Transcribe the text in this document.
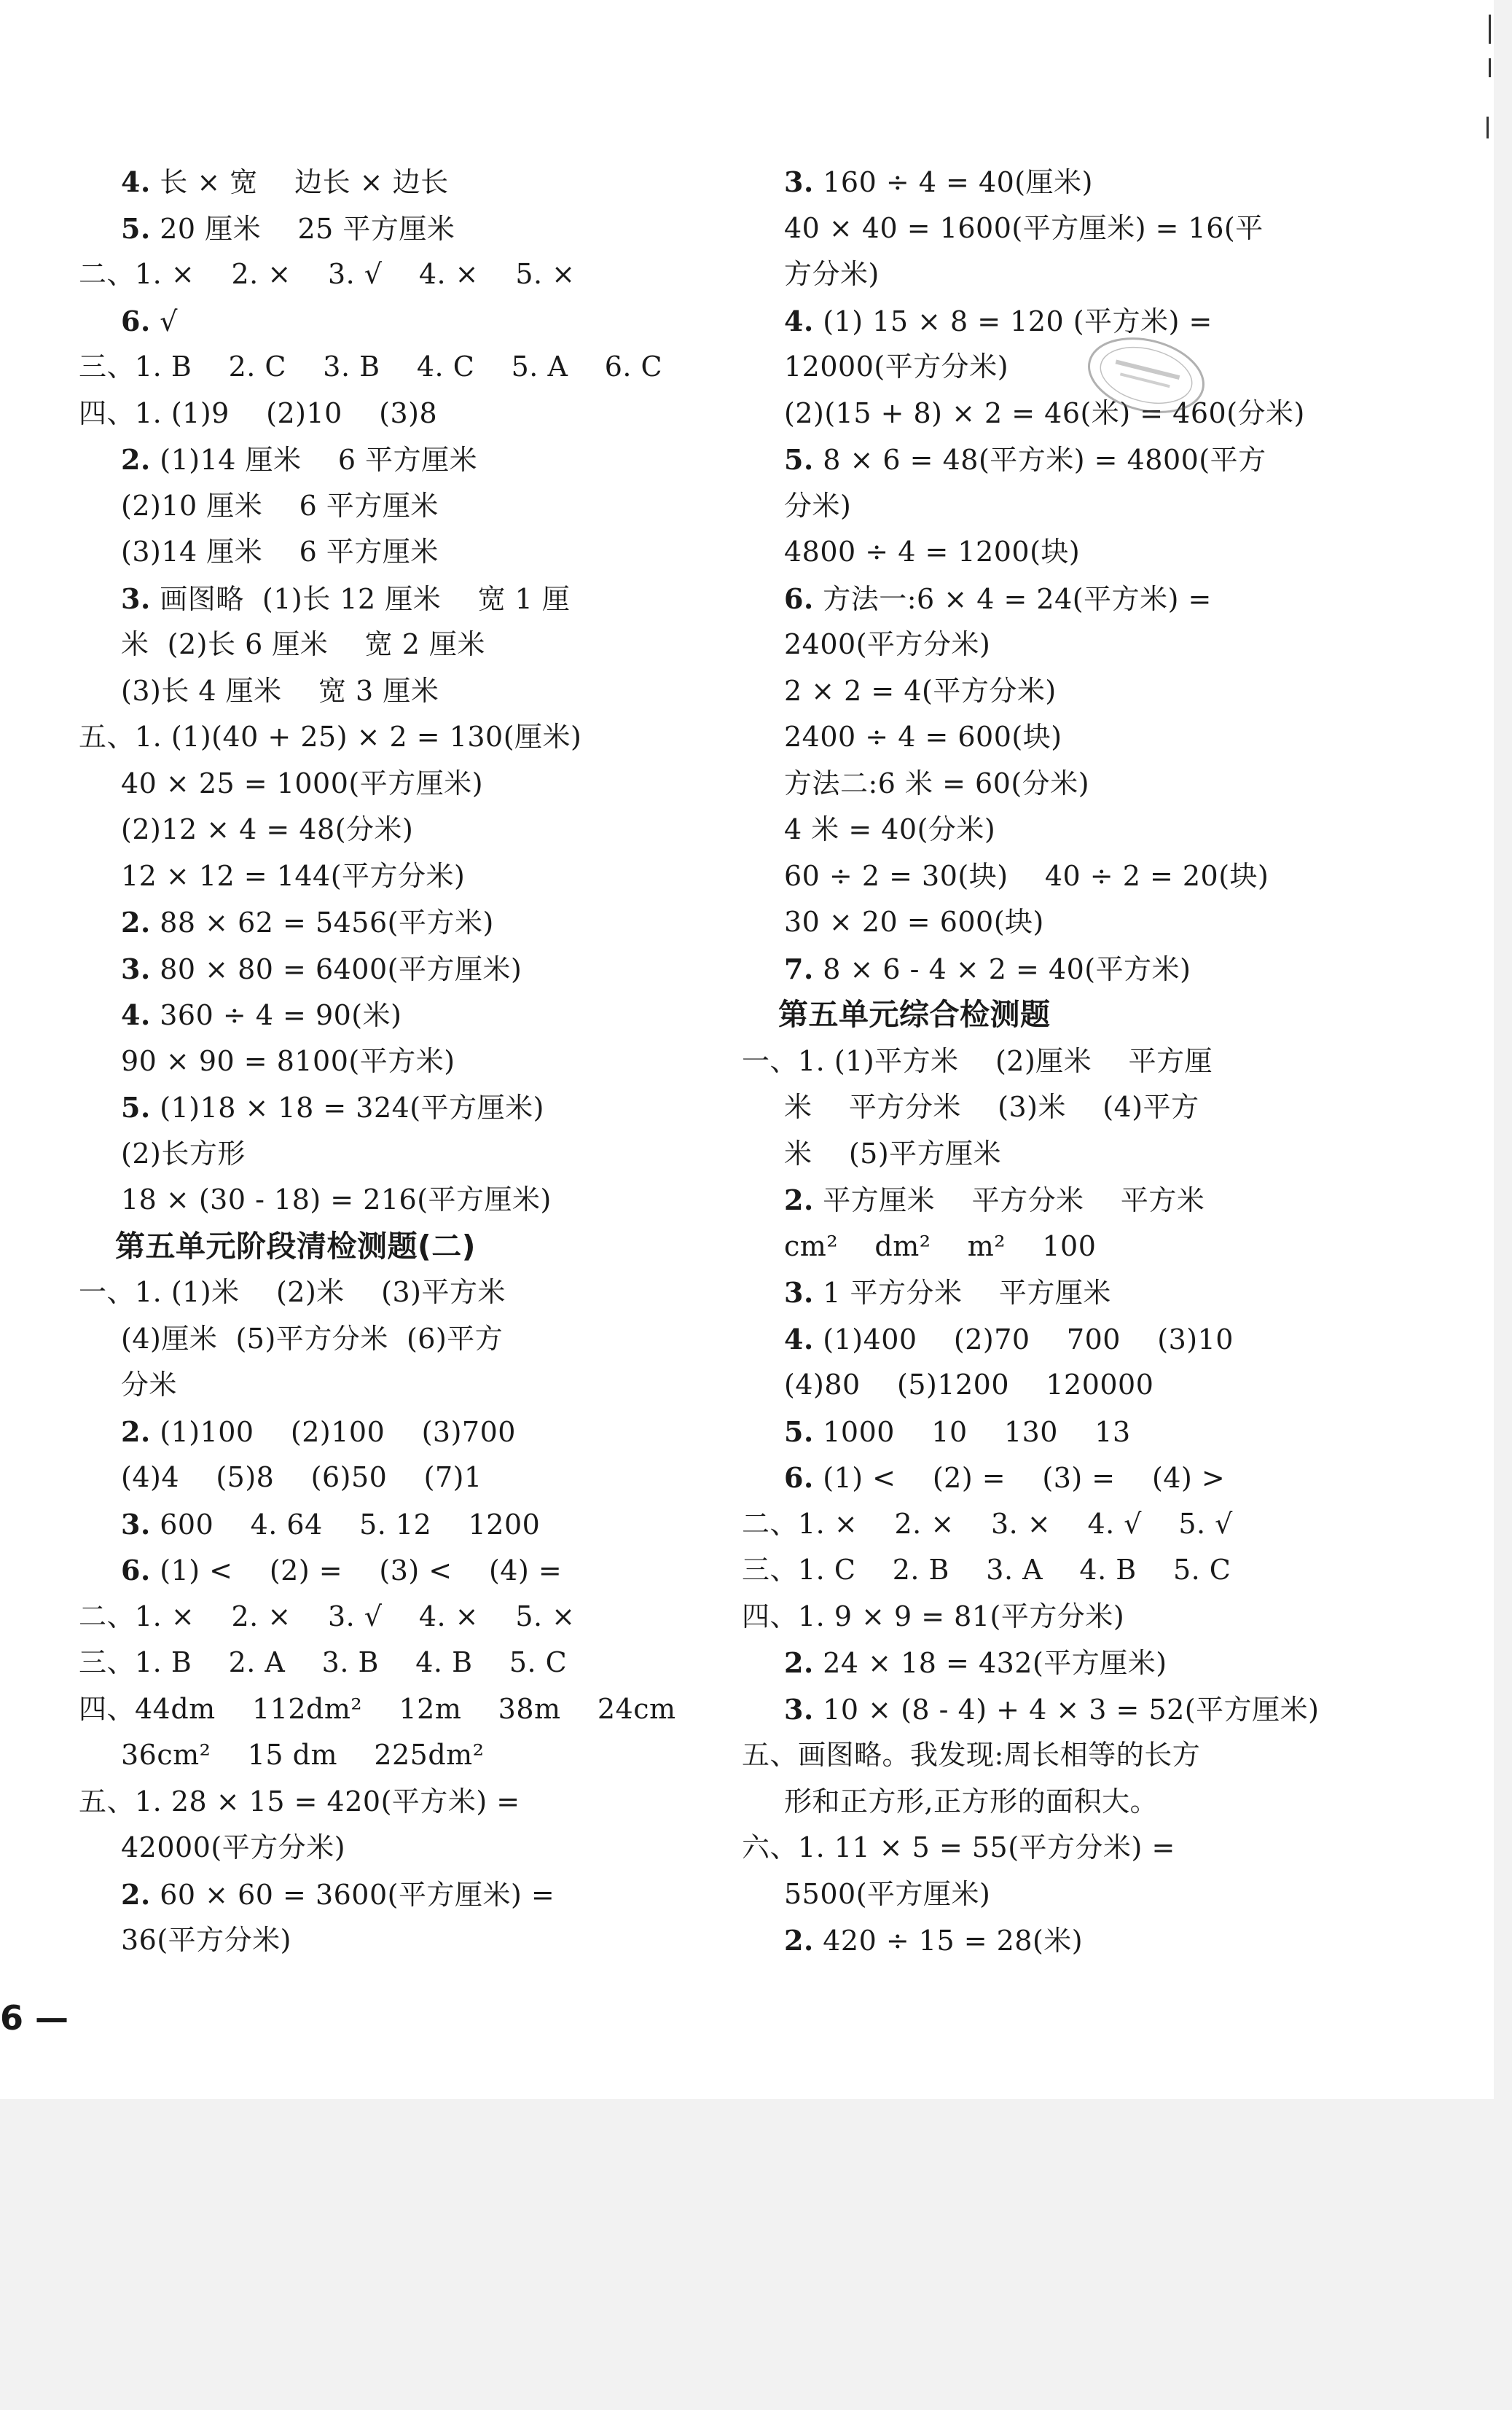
4. 长 × 宽    边长 × 边长
5. 20 厘米    25 平方厘米
二、1. ×    2. ×    3. √    4. ×    5. ×
6. √
三、1. B    2. C    3. B    4. C    5. A    6. C
四、1. (1)9    (2)10    (3)8
2. (1)14 厘米    6 平方厘米
(2)10 厘米    6 平方厘米
(3)14 厘米    6 平方厘米
3. 画图略  (1)长 12 厘米    宽 1 厘
米  (2)长 6 厘米    宽 2 厘米
(3)长 4 厘米    宽 3 厘米
五、1. (1)(40 + 25) × 2 = 130(厘米)
40 × 25 = 1000(平方厘米)
(2)12 × 4 = 48(分米)
12 × 12 = 144(平方分米)
2. 88 × 62 = 5456(平方米)
3. 80 × 80 = 6400(平方厘米)
4. 360 ÷ 4 = 90(米)
90 × 90 = 8100(平方米)
5. (1)18 × 18 = 324(平方厘米)
(2)长方形
18 × (30 - 18) = 216(平方厘米)
第五单元阶段清检测题(二)
一、1. (1)米    (2)米    (3)平方米
(4)厘米  (5)平方分米  (6)平方
分米
2. (1)100    (2)100    (3)700
(4)4    (5)8    (6)50    (7)1
3. 600    4. 64    5. 12    1200
6. (1) <    (2) =    (3) <    (4) =
二、1. ×    2. ×    3. √    4. ×    5. ×
三、1. B    2. A    3. B    4. B    5. C
四、44dm    112dm²    12m    38m    24cm
36cm²    15 dm    225dm²
五、1. 28 × 15 = 420(平方米) =
42000(平方分米)
2. 60 × 60 = 3600(平方厘米) =
36(平方分米)
3. 160 ÷ 4 = 40(厘米)
40 × 40 = 1600(平方厘米) = 16(平
方分米)
4. (1) 15 × 8 = 120 (平方米) =
12000(平方分米)
(2)(15 + 8) × 2 = 46(米) = 460(分米)
5. 8 × 6 = 48(平方米) = 4800(平方
分米)
4800 ÷ 4 = 1200(块)
6. 方法一:6 × 4 = 24(平方米) =
2400(平方分米)
2 × 2 = 4(平方分米)
2400 ÷ 4 = 600(块)
方法二:6 米 = 60(分米)
4 米 = 40(分米)
60 ÷ 2 = 30(块)    40 ÷ 2 = 20(块)
30 × 20 = 600(块)
7. 8 × 6 - 4 × 2 = 40(平方米)
第五单元综合检测题
一、1. (1)平方米    (2)厘米    平方厘
米    平方分米    (3)米    (4)平方
米    (5)平方厘米
2. 平方厘米    平方分米    平方米
cm²    dm²    m²    100
3. 1 平方分米    平方厘米
4. (1)400    (2)70    700    (3)10
(4)80    (5)1200    120000
5. 1000    10    130    13
6. (1) <    (2) =    (3) =    (4) >
二、1. ×    2. ×    3. ×    4. √    5. √
三、1. C    2. B    3. A    4. B    5. C
四、1. 9 × 9 = 81(平方分米)
2. 24 × 18 = 432(平方厘米)
3. 10 × (8 - 4) + 4 × 3 = 52(平方厘米)
五、画图略。我发现:周长相等的长方
形和正方形,正方形的面积大。
六、1. 11 × 5 = 55(平方分米) =
5500(平方厘米)
2. 420 ÷ 15 = 28(米)
6 —
